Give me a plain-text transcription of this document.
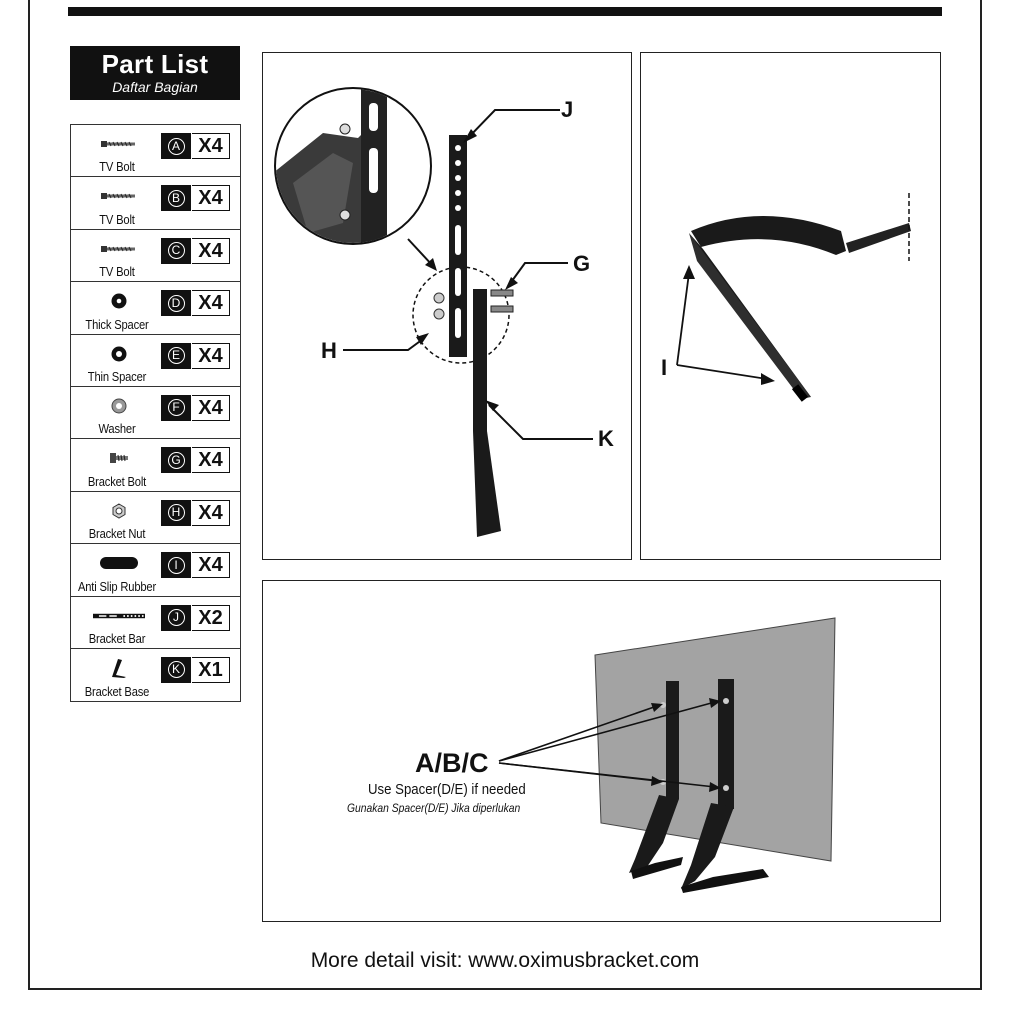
Part List
Daftar Bagian
TV Bolt
A X4
TV Bolt
B X4
TV Bolt
C X4
Thick Spacer
D X4
Thin Spacer
E X4
Washer
F X4
Bracket Bolt
G X4
Bracket Nut
H X4
Anti Slip Rubber
I	X4
Bracket Bar
J X2
Bracket Base
K X1
J
G
H
K
I
A/B/C
Use Spacer(D/E) if needed
Gunakan Spacer(D/E) Jika diperlukan
More detail visit: www.oximusbracket.com
